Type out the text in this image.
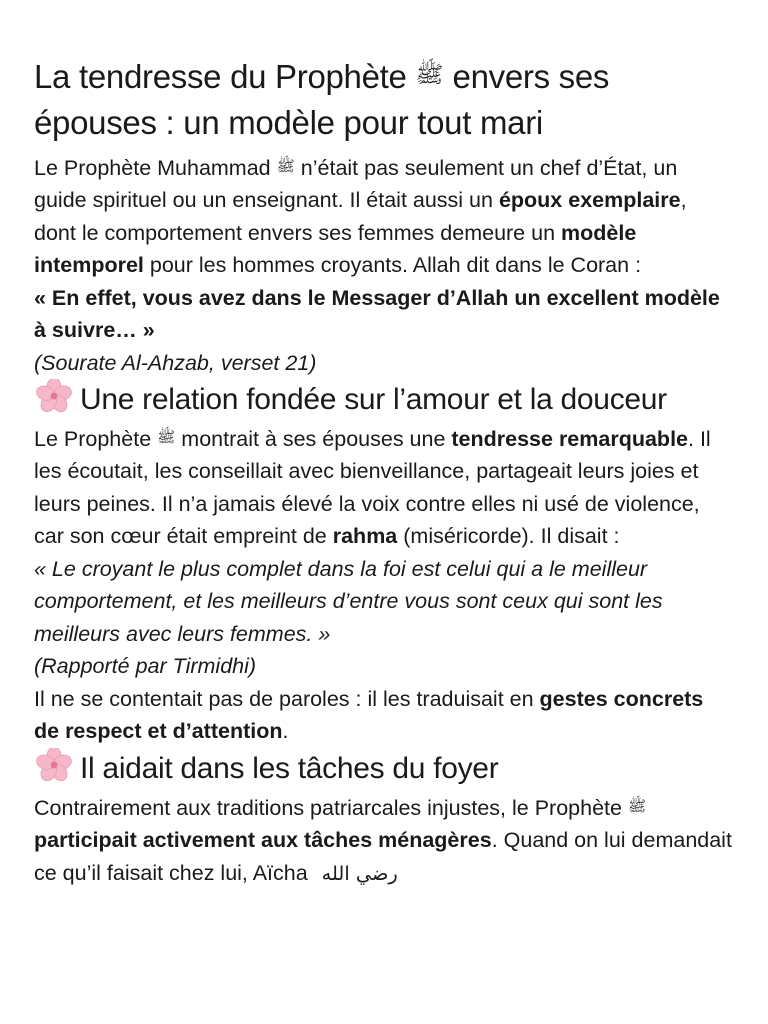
La tendresse du Prophète ﷺ envers ses épouses : un modèle pour tout mari

Le Prophète Muhammad ﷺ n’était pas seulement un chef d’État, un guide spirituel ou un enseignant. Il était aussi un époux exemplaire, dont le comportement envers ses femmes demeure un modèle intemporel pour les hommes croyants. Allah dit dans le Coran :

« En effet, vous avez dans le Messager d’Allah un excellent modèle à suivre… »

(Sourate Al-Ahzab, verset 21)

Une relation fondée sur l’amour et la douceur

Le Prophète ﷺ montrait à ses épouses une tendresse remarquable. Il les écoutait, les conseillait avec bienveillance, partageait leurs joies et leurs peines. Il n’a jamais élevé la voix contre elles ni usé de violence, car son cœur était empreint de rahma (miséricorde). Il disait :

« Le croyant le plus complet dans la foi est celui qui a le meilleur comportement, et les meilleurs d’entre vous sont ceux qui sont les meilleurs avec leurs femmes. »

(Rapporté par Tirmidhi)

Il ne se contentait pas de paroles : il les traduisait en gestes concrets de respect et d’attention.

Il aidait dans les tâches du foyer

Contrairement aux traditions patriarcales injustes, le Prophète ﷺ participait activement aux tâches ménagères. Quand on lui demandait ce qu’il faisait chez lui, Aïcha رضي الله
